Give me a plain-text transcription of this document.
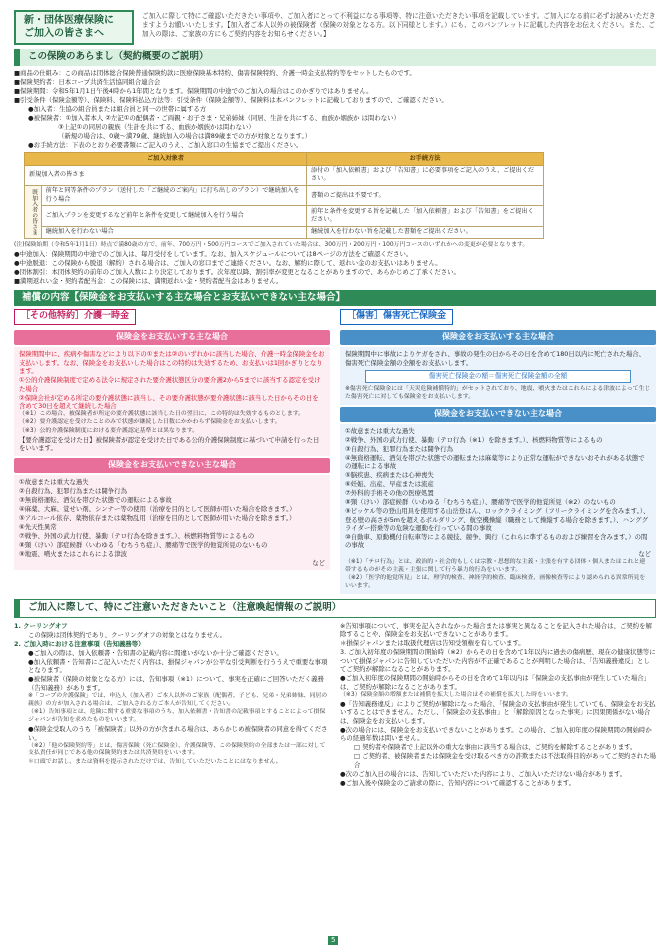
新・団体医療保険に
ご加入の皆さまへ
ご加入に際して特にご確認いただきたい事項や、ご加入者にとって不利益になる事項等、特に注意いただきたい事項を記載しています。ご加入になる前に必ずお読みいただきますようお願いいたします。【加入者ご本人以外の被保険者（保険の対象となる方。以下同様とします。）にも、このパンフレットに記載した内容をお伝えください。また、ご加入の際は、ご家族の方にもご契約内容をお知らせください。】
この保険のあらまし（契約概要のご説明）
■商品の仕組み：この商品は団体総合保険普通保険約款に医療保険基本特約、傷害保険特約、介護一時金支払特約等をセットしたものです。
■保険契約者：日本コープ共済生活協同組合連合会
■保険期間：令和5年1月1日午後4時から1年間となります。保険期間の中途でのご加入の場合はこのかぎりではありません。
■引受条件（保険金額等）、保険料、保険料払込方法等：引受条件（保険金額等）、保険料は本パンフレットに記載しておりますので、ご確認ください。
●加入者：生協の組合員または組合員と同一の世帯に属する方
●被保険者：①加入者本人 ②左記①の配偶者・ご両親・お子さま・兄弟姉妹（同居、生計を共にする、血族か姻族か は問わない）
③上記①の同居の親族（生計を共にする、血族か姻族かは問わない）
（新規の場合は、0歳〜満79歳、継続加入の場合は満89歳までの方が対象となります。）
●お手続方法：下表のとおり必要書類にご記入のうえ、ご加入窓口の生協までご提出ください。
ご加入対象者		お手続方法
新規加入者の皆さま		添付の「加入依頼書」および「告知書」に必要事項をご記入のうえ、ご提出ください。
既加入者の皆さま	前年と同等条件のプラン（送付した「ご継続のご案内」に打ち出しのプラン）で継続加入を行う場合	書類のご提出は不要です。
	ご加入プランを変更するなど前年と条件を変更して継続加入を行う場合	前年と条件を変更する旨を記載した「加入依頼書」および「告知書」をご提出ください。
	継続加入を行わない場合	継続加入を行わない旨を記載した書類をご提出ください。
(注)保険始期（令和5年1月1日）時点で満80歳の方で、前年、700万円・500万円コースでご加入されていた場合は、300万円・200万円・100万円コースのいずれかへの変更が必要となります。
●中途加入：保険期間の中途でのご加入は、毎月受付をしています。なお、加入スケジュールについては8ページの方法をご確認ください。
●中途脱退：この保険から脱退（解約）される場合は、ご加入の窓口までご連絡ください。なお、解約に際して、返れい金のお支払いはありません。
●団体割引：本団体契約の前年のご加入人数により決定しております。次年度以降、割引率が変更となることがありますので、あらかじめご了承ください。
■満期返れい金・契約者配当金：この保険には、満期返れい金・契約者配当金はありません。
補償の内容【保険金をお支払いする主な場合とお支払いできない主な場合】
［その他特約］介護一時金
保険金をお支払いする主な場合
保険期間中に、疾病や傷害などにより以下の①または②のいずれかに該当した場合、介護一時金保険金をお支払いします。なお、保険金をお支払いした場合はこの特約は失効するため、お支払いは1回かぎりとなります。
①公的介護保険制度で定める法令に規定された要介護状態区分の要介護2から5までに該当する認定を受けた場合
②保険会社が定める所定の要介護状態に該当し、その要介護状態が要介護状態に該当した日からその日を含めて30日を超えて継続した場合
（※1）この場合、被保険者が所定の要介護状態に該当した日の翌日に、この特約は失効するものとします。
（※2）要介護認定を受けたことのみで状態が継続した日数にかかわらず保険金をお支払いします。
（※3）公的介護保険制度における要介護認定基準とは異なります。
【要介護認定を受けた日】被保険者が認定を受けた日である公的介護保険制度に基づいて申請を行った日をいいます。
保険金をお支払いできない主な場合
①故意または重大な過失
②自殺行為、犯罪行為または闘争行為
③無資格運転、酒気を帯びた状態での運転による事故
④麻薬、大麻、覚せい剤、シンナー等の使用（治療を目的として医師が用いた場合を除きます。）
⑤アルコール依存、薬物依存または薬物乱用（治療を目的として医師が用いた場合を除きます。）
⑥先天性異常
⑦戦争、外国の武力行使、暴動（テロ行為を除きます。）、核燃料物質等によるもの
⑧頸（けい）部症候群（いわゆる「むちうち症」）、腰痛等で医学的他覚所見のないもの
⑨地震、噴火またはこれらによる津波
など
［傷害］傷害死亡保険金
保険金をお支払いする主な場合
保険期間中に事故によりケガをされ、事故の発生の日からその日を含めて180日以内に死亡された場合、傷害死亡保険金額の全額をお支払いします。
傷害死亡保険金の額＝傷害死亡保険金額の全額
※傷害死亡保険金には「天災危険補償特約」がセットされており、地震、噴火またはこれらによる津波によって生じた傷害死亡に対しても保険金をお支払いします。
保険金をお支払いできない主な場合
①故意または重大な過失
②戦争、外国の武力行使、暴動（テロ行為（※1）を除きます。）、核燃料物質等によるもの
③自殺行為、犯罪行為または闘争行為
④無資格運転、酒気を帯びた状態での運転または麻薬等により正常な運転ができないおそれがある状態での運転による事故
⑤脳疾患、疾病または心神喪失
⑥妊娠、出産、早産または流産
⑦外科的手術その他の医療処置
⑧頸（けい）部症候群（いわゆる「むちうち症」）、腰痛等で医学的他覚所見（※2）のないもの
⑨ピッケル等の登山用具を使用する山岳登はん、ロッククライミング（フリークライミングを含みます。）、登る壁の高さが5mを超えるボルダリング、航空機操縦（職務として操縦する場合を除きます。）、ハンググライダー搭乗等の危険な運動を行っている間の事故
⑩自動車、原動機付自転車等による競技、競争、興行（これらに準ずるものおよび練習を含みます。）の間の事故
など
（※1）「テロ行為」とは、政治的・社会的もしくは宗教・思想的な主義・主張を有する団体・個人またはこれと連帯するものがその主義・主張に関して行う暴力的行為をいいます。
（※2）「医学的他覚所見」とは、理学的検査、神経学的検査、臨床検査、画像検査等により認められる異常所見をいいます。
ご加入に際して、特にご注意いただきたいこと（注意喚起情報のご説明）
1. クーリングオフ
この保険は団体契約であり、クーリングオフの対象とはなりません。
2. ご加入時における注意事項（告知義務等）
●ご加入の際は、加入依頼書・告知書の記載内容に間違いがないか十分ご確認ください。
●加入依頼書・告知書にご記入いただく内容は、損保ジャパンが公平な引受判断を行ううえで重要な事項となります。
●被保険者（保険の対象となる方）には、告知事項（※1）について、事実を正確にご回答いただく義務（告知義務）があります。
※「コープの介護保険」では、申込人（加入者）ご本人以外のご家族（配偶者、子ども、兄弟・兄弟姉妹、同居の親族）の方が加入される場合は、ご加入される方ご本人が告知してください。
（※1）告知事項とは、危険に関する重要な事項のうち、加入依頼書・告知書の記載事項とすることによって損保ジャパンが告知を求めたものをいいます。
●保険金受取人のうち「被保険者」以外の方が含まれる場合は、あらかじめ被保険者の同意を得てください。
（※2）「他の保険契約等」とは、傷害保険（死亡保険金）、介護保険等、この保険契約の全部または一部に対して支払責任が同じである他の保険契約または共済契約をいいます。
＊口頭でお話し、または資料を提示されただけでは、告知していただいたことにはなりません。
※告知事項について、事実を記入されなかった場合または事実と異なることを記入された場合は、ご契約を解除することや、保険金をお支払いできないことがあります。
＊損保ジャパンまたは取扱代理店は告知受領権を有しています。
3. ご加入初年度の保険期間の開始時（※2）からその日を含めて1年以内に過去の傷病歴、現在の健康状態等について損保ジャパンに告知していただいた内容が不正確であることが判明した場合は、「告知義務違反」としてご契約が解除になることがあります。
●ご加入初年度の保険期間の開始時からその日を含めて1年以内は「保険金の支払事由が発生していた場合」は、ご契約が解除になることがあります。
（※3）保険金額の増額または補償を拡大した場合はその補償を拡大した時をいいます。
●「告知義務違反」によりご契約が解除になった場合、「保険金の支払事由が発生していても、保険金をお支払いすることはできません。ただし、「保険金の支払事由」と「解除原因となった事実」に因果関係がない場合は、保険金をお支払いします。
●次の場合には、保険金をお支払いできないことがあります。この場合、ご加入初年度の保険期間の開始時からの経過年数は問いません。
□ 契約者や保険者で上記以外の重大な事由に該当する場合は、ご契約を解除することがあります。
□ ご契約者、被保険者または保険金を受け取るべき方の詐欺または不法取得目的があってご契約された場合
●次のご加入日の場合には、告知していただいた内容により、ご加入いただけない場合があります。
●ご加入後や保険金のご請求の際に、告知内容について確認することがあります。
5
